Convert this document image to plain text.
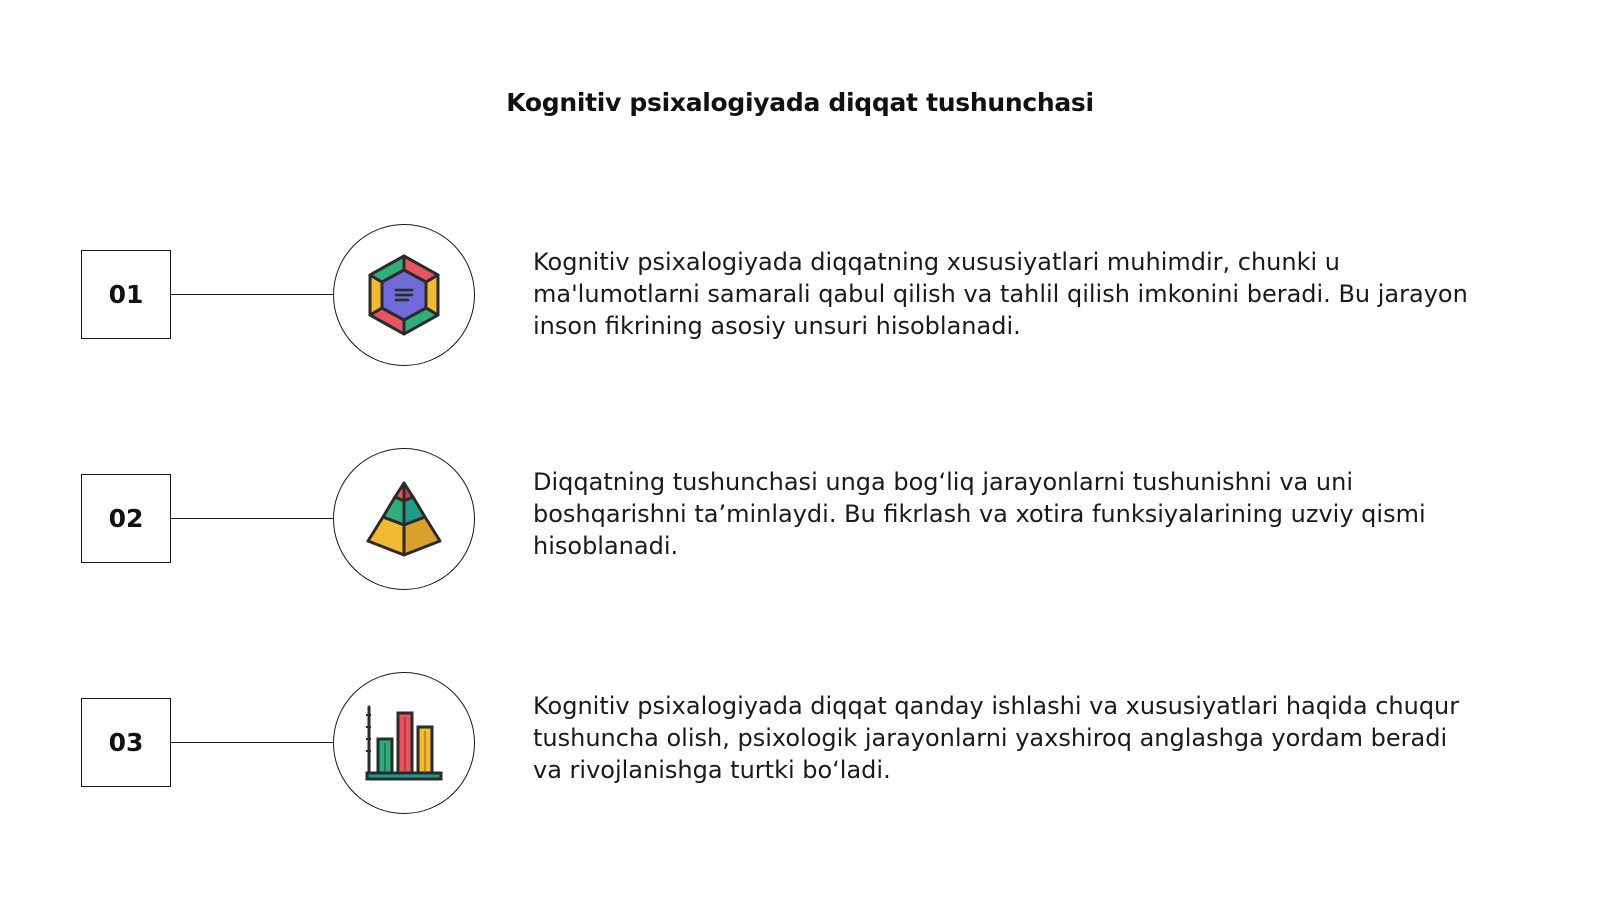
Kognitiv psixalogiyada diqqat tushunchasi
01
Kognitiv psixalogiyada diqqatning xususiyatlari muhimdir, chunki u ma'lumotlarni samarali qabul qilish va tahlil qilish imkonini beradi. Bu jarayon inson fikrining asosiy unsuri hisoblanadi.
02
Diqqatning tushunchasi unga bog‘liq jarayonlarni tushunishni va uni boshqarishni ta’minlaydi. Bu fikrlash va xotira funksiyalarining uzviy qismi hisoblanadi.
03
Kognitiv psixalogiyada diqqat qanday ishlashi va xususiyatlari haqida chuqur tushuncha olish, psixologik jarayonlarni yaxshiroq anglashga yordam beradi va rivojlanishga turtki bo‘ladi.
